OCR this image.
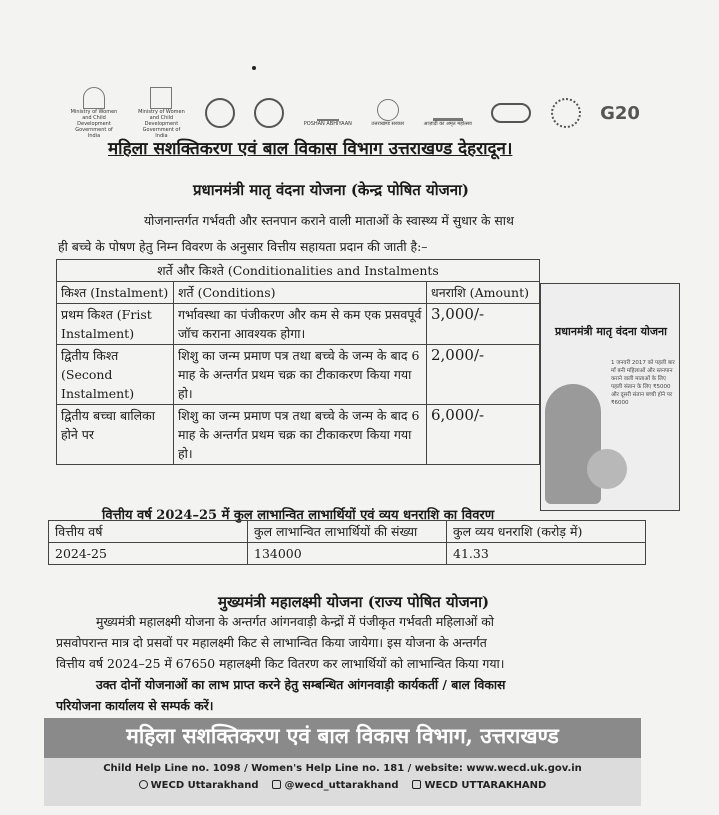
Ministry of Women and Child Development Government of India
Ministry of Women and Child Development Government of India
POSHAN ABHIYAAN	उत्तराखण्ड सरकार	आज़ादी का अमृत महोत्सव
G20
महिला सशक्तिकरण एवं बाल विकास विभाग उत्तराखण्ड देहरादून।
प्रधानमंत्री मातृ वंदना योजना (केन्द्र पोषित योजना)
योजनान्तर्गत गर्भवती और स्तनपान कराने वाली माताओं के स्वास्थ्य में सुधार के साथ
ही बच्चे के पोषण हेतु निम्न विवरण के अनुसार वित्तीय सहायता प्रदान की जाती है:–
शर्ते और किश्ते (Conditionalities and Instalments		
किश्त (Instalment)	शर्ते (Conditions)	धनराशि (Amount)
प्रथम किश्त (Frist Instalment)	गर्भावस्था का पंजीकरण और कम से कम एक प्रसवपूर्व जॉच कराना आवश्यक होगा।	3,000/-
द्वितीय किश्त (Second Instalment)	शिशु का जन्म प्रमाण पत्र तथा बच्चे के जन्म के बाद 6 माह के अन्तर्गत प्रथम चक्र का टीकाकरण किया गया हो।	2,000/-
द्वितीय बच्चा बालिका होने पर	शिशु का जन्म प्रमाण पत्र तथा बच्चे के जन्म के बाद 6 माह के अन्तर्गत प्रथम चक्र का टीकाकरण किया गया हो।	6,000/-
प्रधानमंत्री मातृ वंदना योजना
1 जनवरी 2017 को पहली बार माँ बनी महिलाओं और स्तनपान कराने वाली माताओं के लिए पहली संतान के लिए ₹5000 और दूसरी संतान बच्ची होने पर ₹6000
वित्तीय वर्ष 2024–25 में कुल लाभान्वित लाभार्थियों एवं व्यय धनराशि का विवरण
वित्तीय वर्ष	कुल लाभान्वित लाभार्थियों की संख्या	कुल व्यय धनराशि (करोड़ में)
2024-25	134000	41.33
मुख्यमंत्री महालक्ष्मी योजना (राज्य पोषित योजना)
मुख्यमंत्री महालक्ष्मी योजना के अन्तर्गत आंगनवाड़ी केन्द्रों में पंजीकृत गर्भवती महिलाओं को
प्रसवोपरान्त मात्र दो प्रसवों पर महालक्ष्मी किट से लाभान्वित किया जायेगा। इस योजना के अन्तर्गत
वित्तीय वर्ष 2024–25 में 67650 महालक्ष्मी किट वितरण कर लाभार्थियों को लाभान्वित किया गया।
उक्त दोनों योजनाओं का लाभ प्राप्त करने हेतु सम्बन्धित आंगनवाड़ी कार्यकर्ती / बाल विकास
परियोजना कार्यालय से सम्पर्क करें।
महिला सशक्तिकरण एवं बाल विकास विभाग, उत्तराखण्ड
Child Help Line no. 1098 / Women's Help Line no. 181 / website: www.wecd.uk.gov.in
WECD Uttarakhand	@wecd_uttarakhand	WECD UTTARAKHAND
